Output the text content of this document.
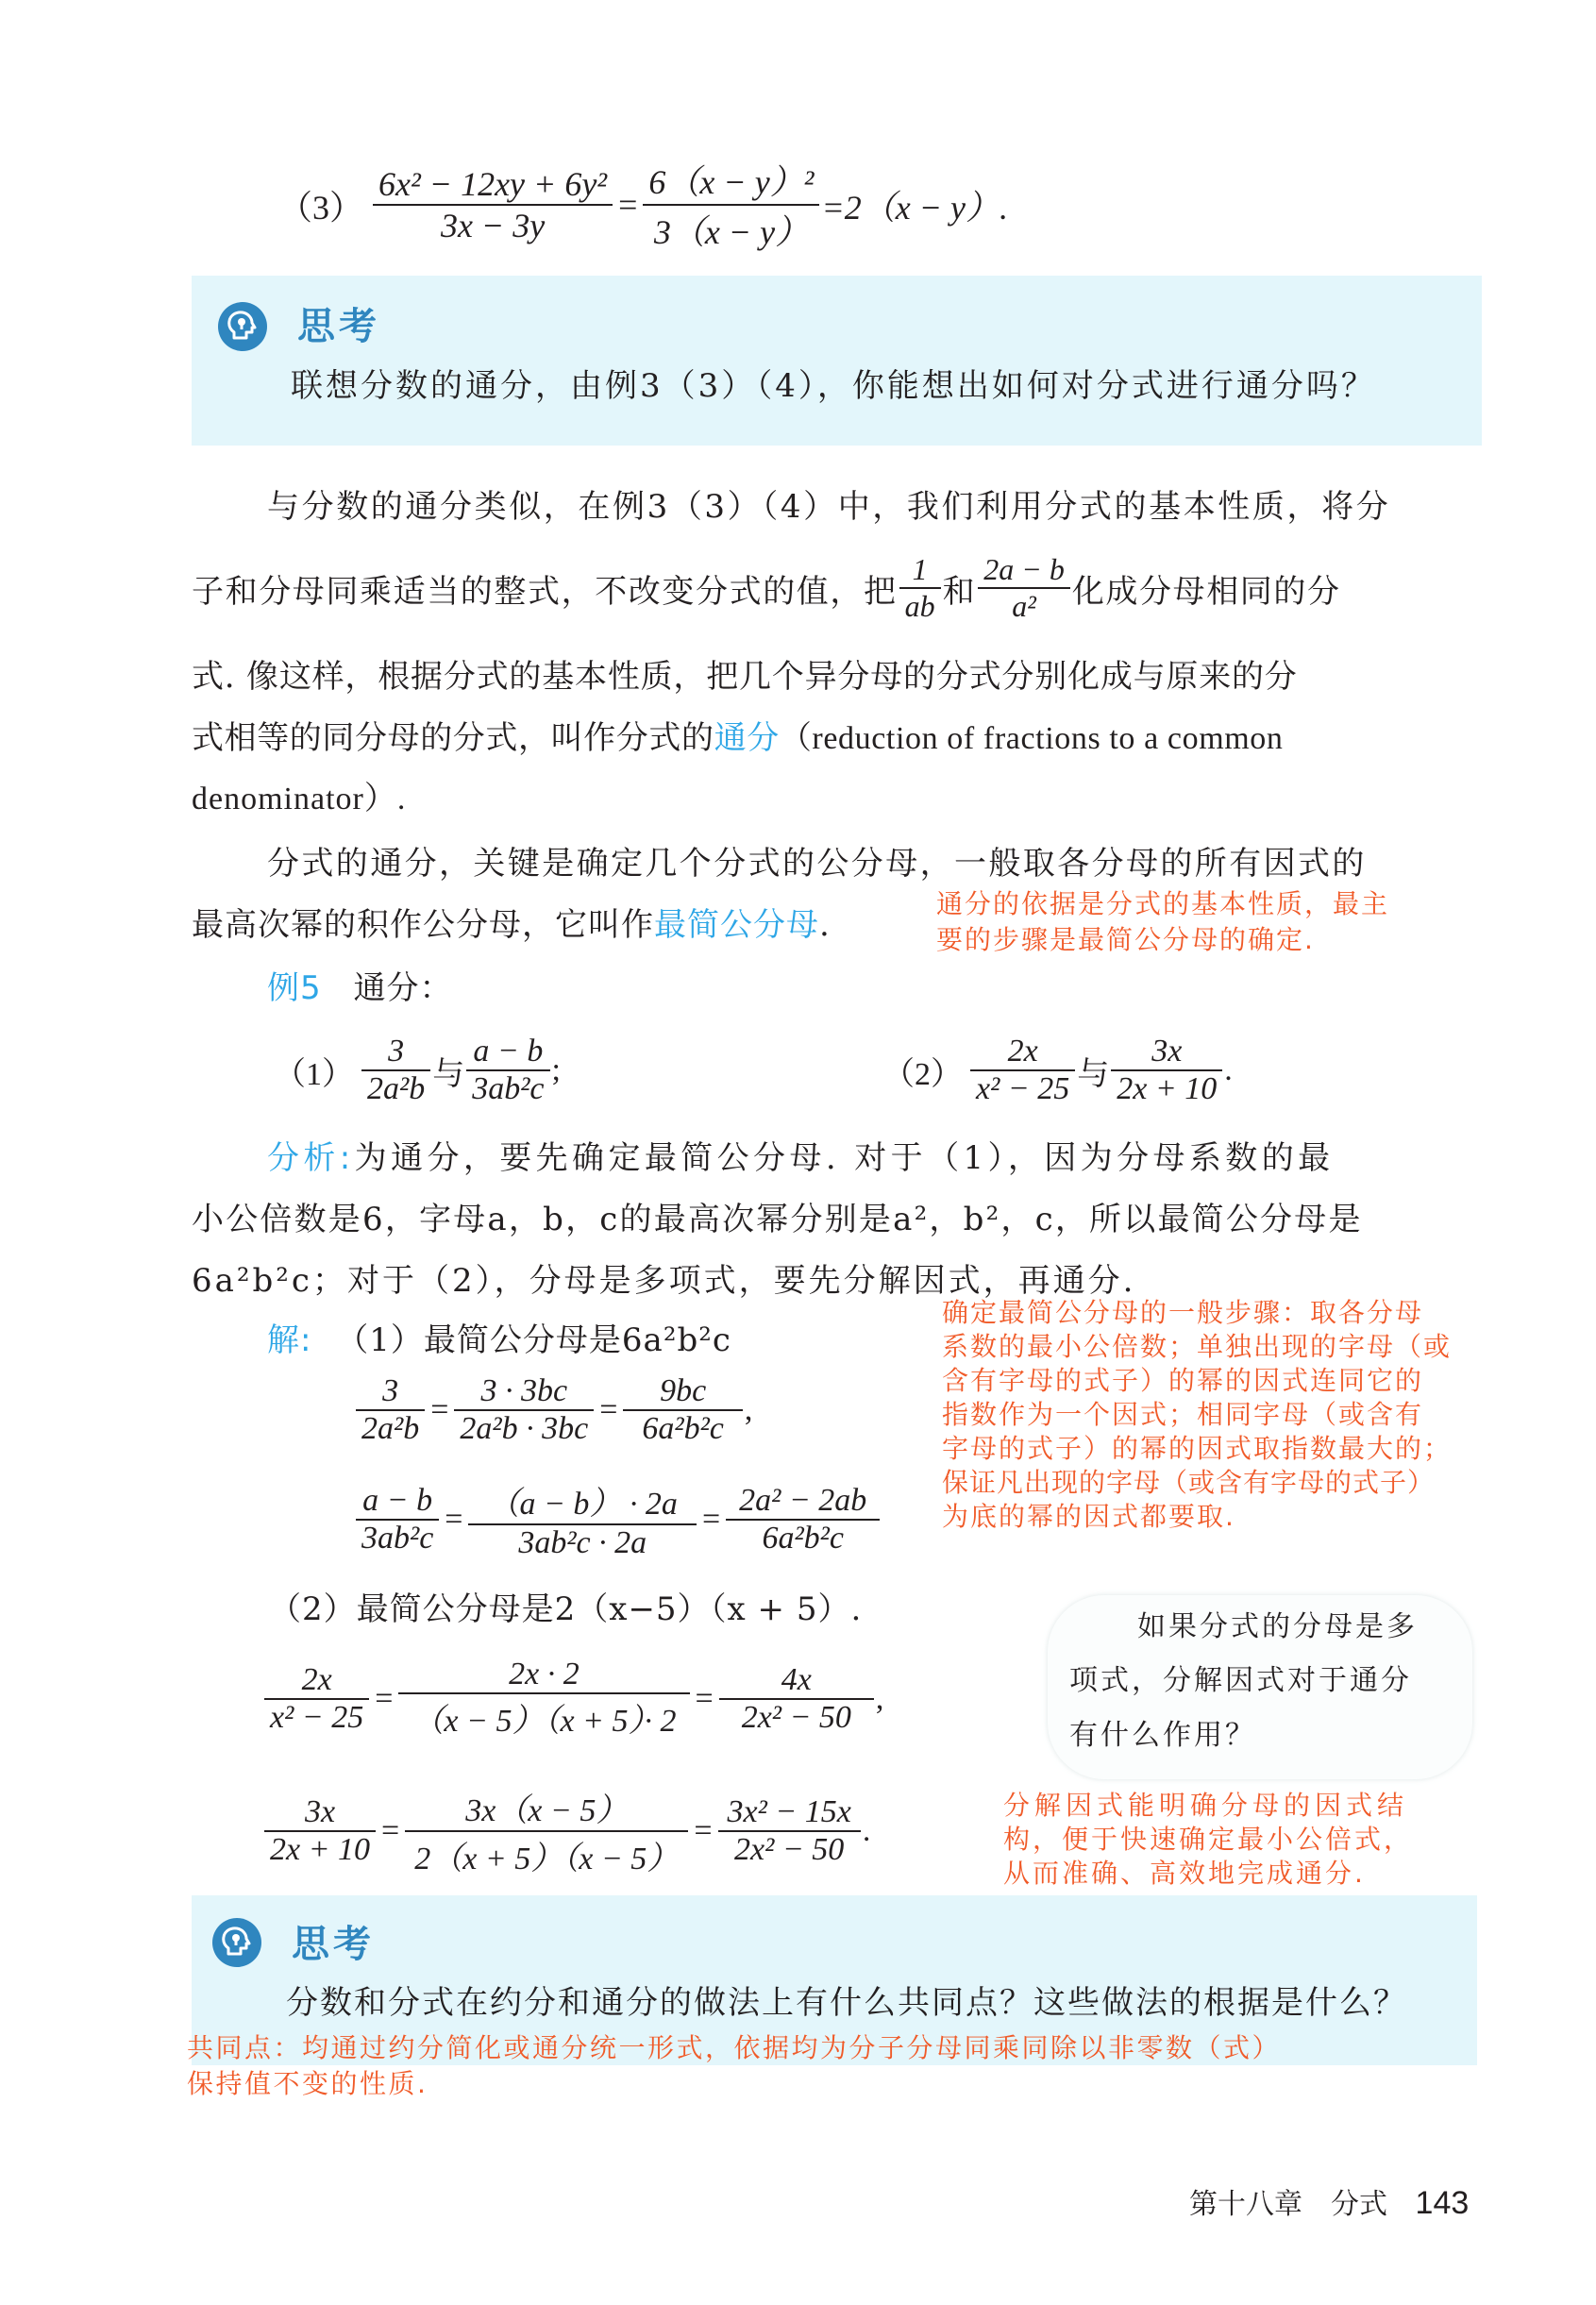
$(3) \frac{\text{6x² − 12xy + 6y²}}{3x - 3y} = \frac{\text{6（x − y）²}}{3(x - y)} =2(x - y)$.
思考
联想分数的通分，由例3（3）（4），你能想出如何对分式进行通分吗？
与分数的通分类似，在例3（3）（4）中，我们利用分式的基本性质，将分
子和分母同乘适当的整式，不改变分式的值，把 $\frac{1}{ab}$ 和 $\frac{2a - b}{\text{a²}}$ 化成分母相同的分
式. 像这样，根据分式的基本性质，把几个异分母的分式分别化成与原来的分
式相等的同分母的分式，叫作分式的通分（reduction of fractions to a common
denominator）.
分式的通分，关键是确定几个分式的公分母，一般取各分母的所有因式的
最高次幂的积作公分母，它叫作最简公分母.
通分的依据是分式的基本性质，最主
要的步骤是最简公分母的确定.
例5 通分：
$(1) \frac{3}{\text{2a²b}}$ 与 $\frac{a - b}{\text{3ab²c}}$ ;	$(2) \frac{2x}{\text{x² − 25}}$ 与 $\frac{3x}{2x + 10}$ .
分析:为通分，要先确定最简公分母. 对于（1），因为分母系数的最
小公倍数是6，字母a，b，c的最高次幂分别是a²，b²，c，所以最简公分母是
6a²b²c；对于（2），分母是多项式，要先分解因式，再通分.
解: （1）最简公分母是6a²b²c
$\frac{3}{\text{2a²b}} = \frac{3 \cdot 3bc}{\text{2a²b · 3bc}} = \frac{9bc}{\text{6a²b²c}}$ ,
$\frac{a - b}{\text{3ab²c}} = \frac{(a - b) \cdot 2a}{\text{3ab²c · 2a}} = \frac{\text{2a² − 2ab}}{\text{6a²b²c}}$
确定最简公分母的一般步骤：取各分母
系数的最小公倍数；单独出现的字母（或
含有字母的式子）的幂的因式连同它的
指数作为一个因式；相同字母（或含有
字母的式子）的幂的因式取指数最大的；
保证凡出现的字母（或含有字母的式子）
为底的幂的因式都要取.
（2）最简公分母是2（x−5）（x + 5）.
$\frac{2x}{\text{x² − 25}} = \frac{2x \cdot 2}{(x - 5)(x + 5)\cdot 2} = \frac{4x}{\text{2x² − 50}}$ ,
$\frac{3x}{2x + 10} = \frac{3x(x - 5)}{2(x + 5)(x - 5)} = \frac{\text{3x² − 15x}}{\text{2x² − 50}}$ .
如果分式的分母是多
项式，分解因式对于通分
有什么作用？
分解因式能明确分母的因式结
构，便于快速确定最小公倍式，
从而准确、高效地完成通分.
思考
分数和分式在约分和通分的做法上有什么共同点？这些做法的根据是什么？
共同点：均通过约分简化或通分统一形式，依据均为分子分母同乘同除以非零数（式）
保持值不变的性质.
第十八章　分式 143
